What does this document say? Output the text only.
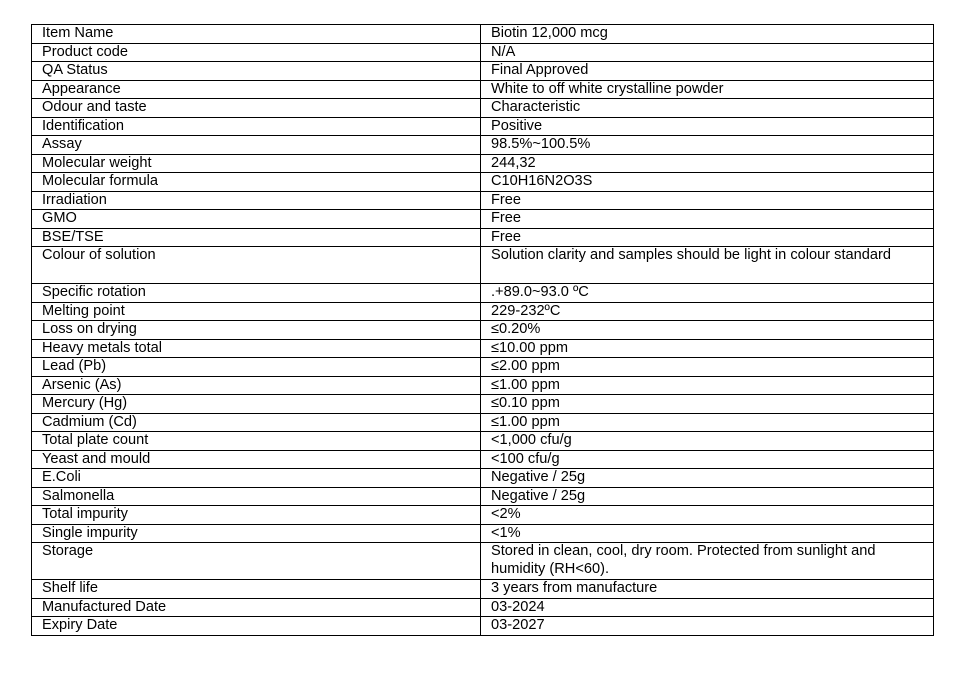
Item Name	Biotin 12,000 mcg
Product code	N/A
QA Status	Final Approved
Appearance	White to off white crystalline powder
Odour and taste	Characteristic
Identification	Positive
Assay	98.5%~100.5%
Molecular weight	244,32
Molecular formula	C10H16N2O3S
Irradiation	Free
GMO	Free
BSE/TSE	Free
Colour of solution	Solution clarity and samples should be light in colour standard
Specific rotation	.+89.0~93.0 ºC
Melting point	229-232ºC
Loss on drying	≤0.20%
Heavy metals total	≤10.00 ppm
Lead (Pb)	≤2.00 ppm
Arsenic (As)	≤1.00 ppm
Mercury (Hg)	≤0.10 ppm
Cadmium (Cd)	≤1.00 ppm
Total plate count	<1,000 cfu/g
Yeast and mould	<100 cfu/g
E.Coli	Negative / 25g
Salmonella	Negative / 25g
Total impurity	<2%
Single impurity	<1%
Storage	Stored in clean, cool, dry room. Protected from sunlight and humidity (RH<60).
Shelf life	3 years from manufacture
Manufactured Date	03-2024
Expiry Date	03-2027
